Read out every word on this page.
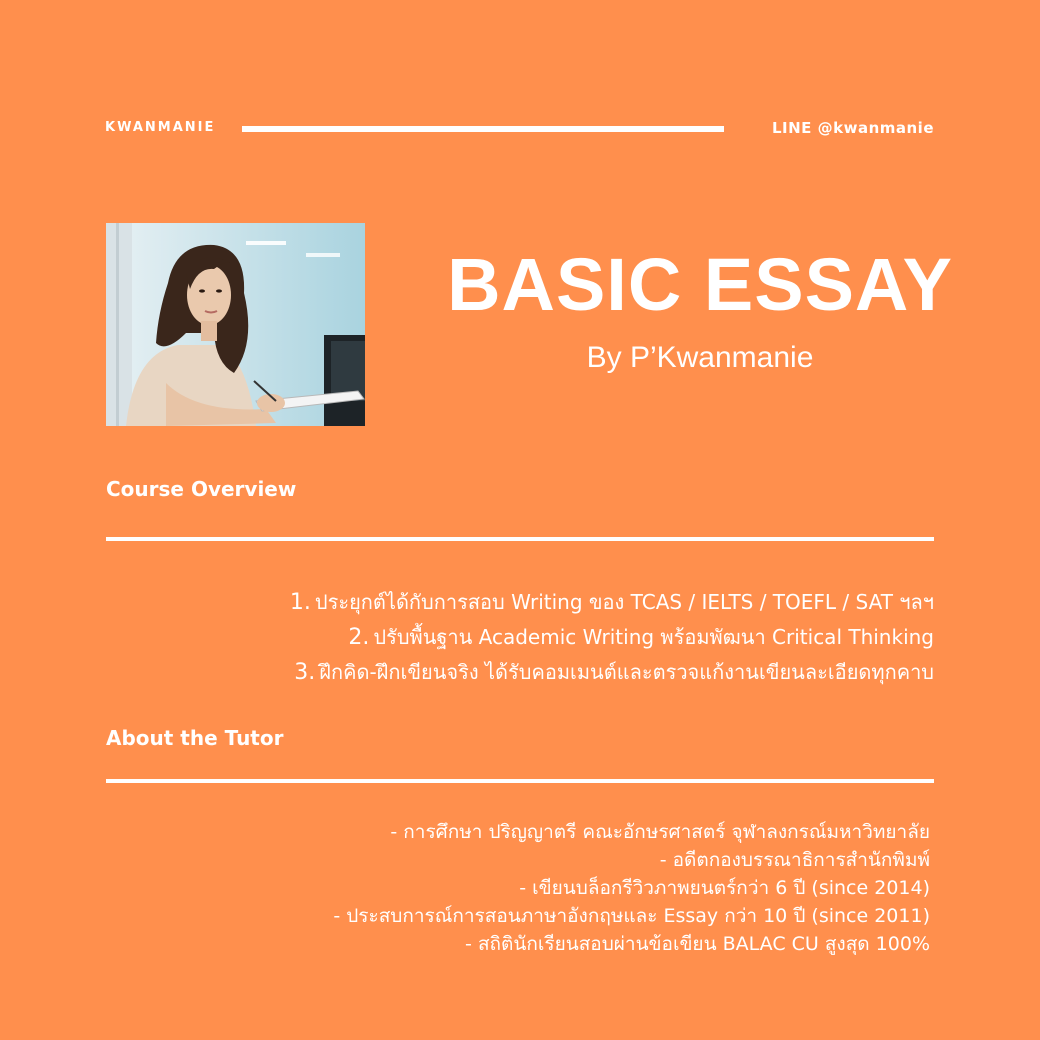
KWANMANIE	LINE @kwanmanie
BASIC ESSAY
By P’Kwanmanie
Course Overview
1. ประยุกต์ได้กับการสอบ Writing ของ TCAS / IELTS / TOEFL / SAT ฯลฯ
2. ปรับพื้นฐาน Academic Writing พร้อมพัฒนา Critical Thinking
3. ฝึกคิด-ฝึกเขียนจริง ได้รับคอมเมนต์และตรวจแก้งานเขียนละเอียดทุกคาบ
About the Tutor
- การศึกษา ปริญญาตรี คณะอักษรศาสตร์ จุฬาลงกรณ์มหาวิทยาลัย
- อดีตกองบรรณาธิการสำนักพิมพ์
- เขียนบล็อกรีวิวภาพยนตร์กว่า 6 ปี (since 2014)
- ประสบการณ์การสอนภาษาอังกฤษและ Essay กว่า 10 ปี (since 2011)
- สถิตินักเรียนสอบผ่านข้อเขียน BALAC CU สูงสุด 100%
